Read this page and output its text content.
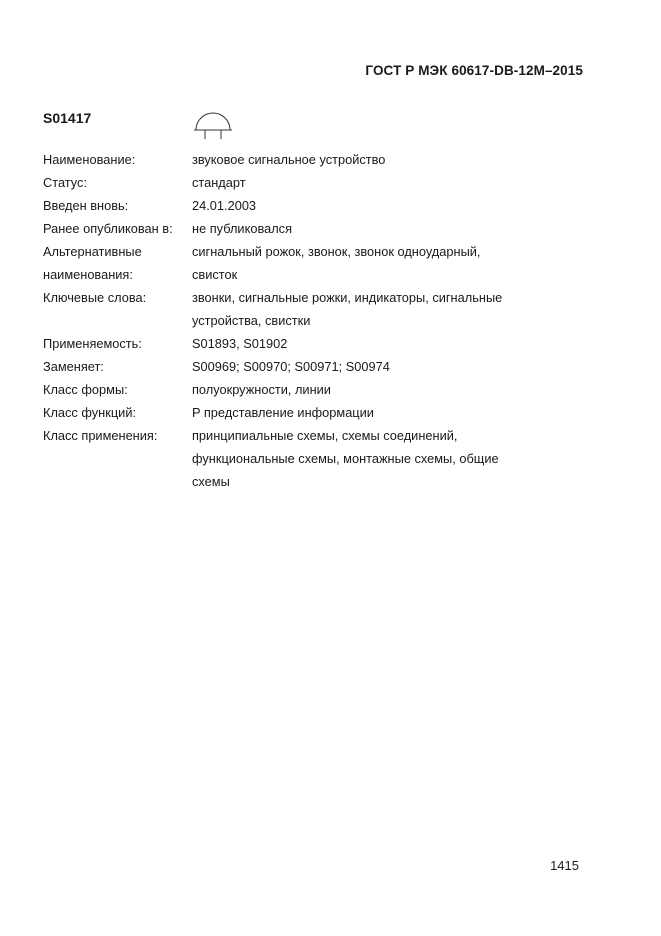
ГОСТ Р МЭК 60617-DB-12M–2015
S01417
Наименование:	звуковое сигнальное устройство
Статус:	стандарт
Введен вновь:	24.01.2003
Ранее опубликован в:	не публиковался
Альтернативные наименования:
сигнальный рожок, звонок, звонок одноударный, свисток
Ключевые слова:	звонки, сигнальные рожки, индикаторы, сигнальные устройства, свистки
Применяемость:	S01893, S01902
Заменяет:	S00969; S00970; S00971; S00974
Класс формы:	полуокружности, линии
Класс функций:	P представление информации
Класс применения:	принципиальные схемы, схемы соединений, функциональные схемы, монтажные схемы, общие схемы
1415
